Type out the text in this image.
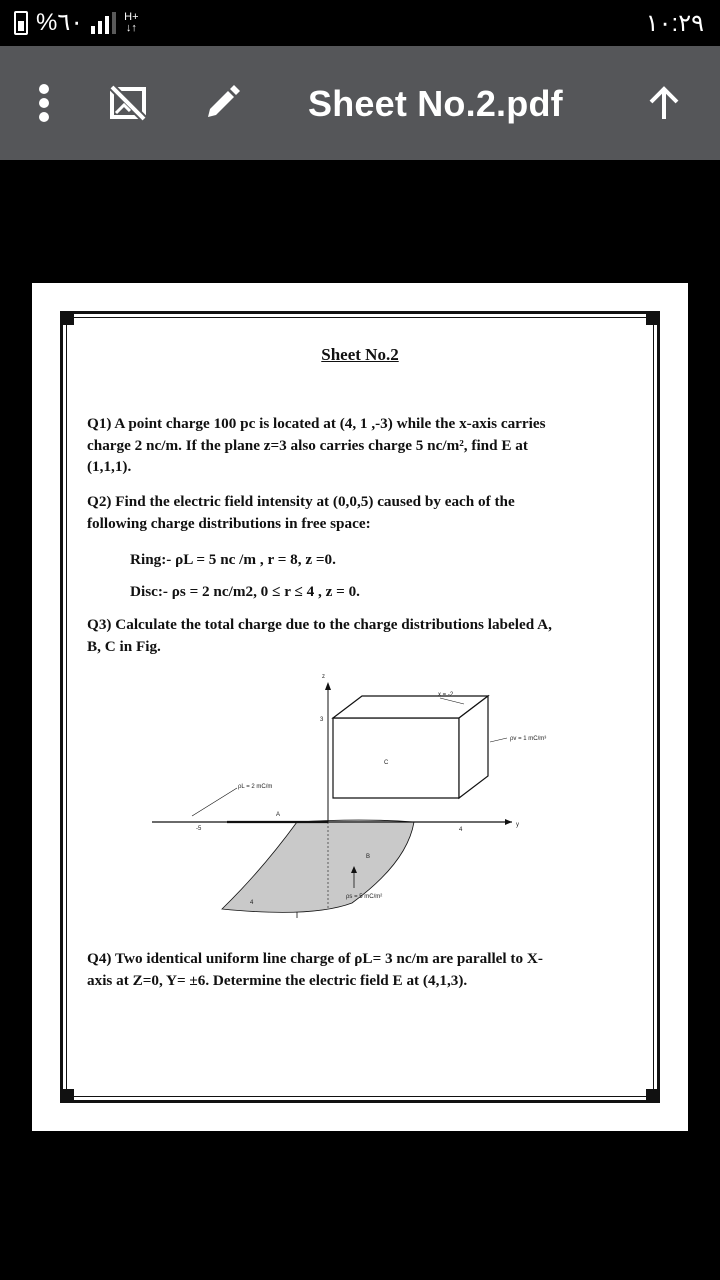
%٦٠	H+
↓↑	١٠:٢٩
Sheet No.2.pdf
Sheet No.2
Q1) A point charge 100 pc is located at (4, 1 ,-3) while the x-axis carries
charge 2 nc/m. If the plane z=3 also carries charge 5 nc/m², find E at
(1,1,1).
Q2) Find the electric field intensity at (0,0,5) caused by each of the
following charge distributions in free space:
Ring:- ρL = 5 nc /m , r = 8, z =0.
Disc:- ρs = 2 nc/m2, 0 ≤ r ≤ 4 , z = 0.
Q3) Calculate the total charge due to the charge distributions labeled A,
B, C in Fig.
z
y
x = -2
ρv = 1 mC/m³
ρL = 2 mC/m
ρs = 5 mC/m²
A
B
C
3
4
4
-5
Q4) Two identical uniform line charge of ρL= 3 nc/m are parallel to X-
axis at Z=0, Y= ±6. Determine the electric field E at (4,1,3).
